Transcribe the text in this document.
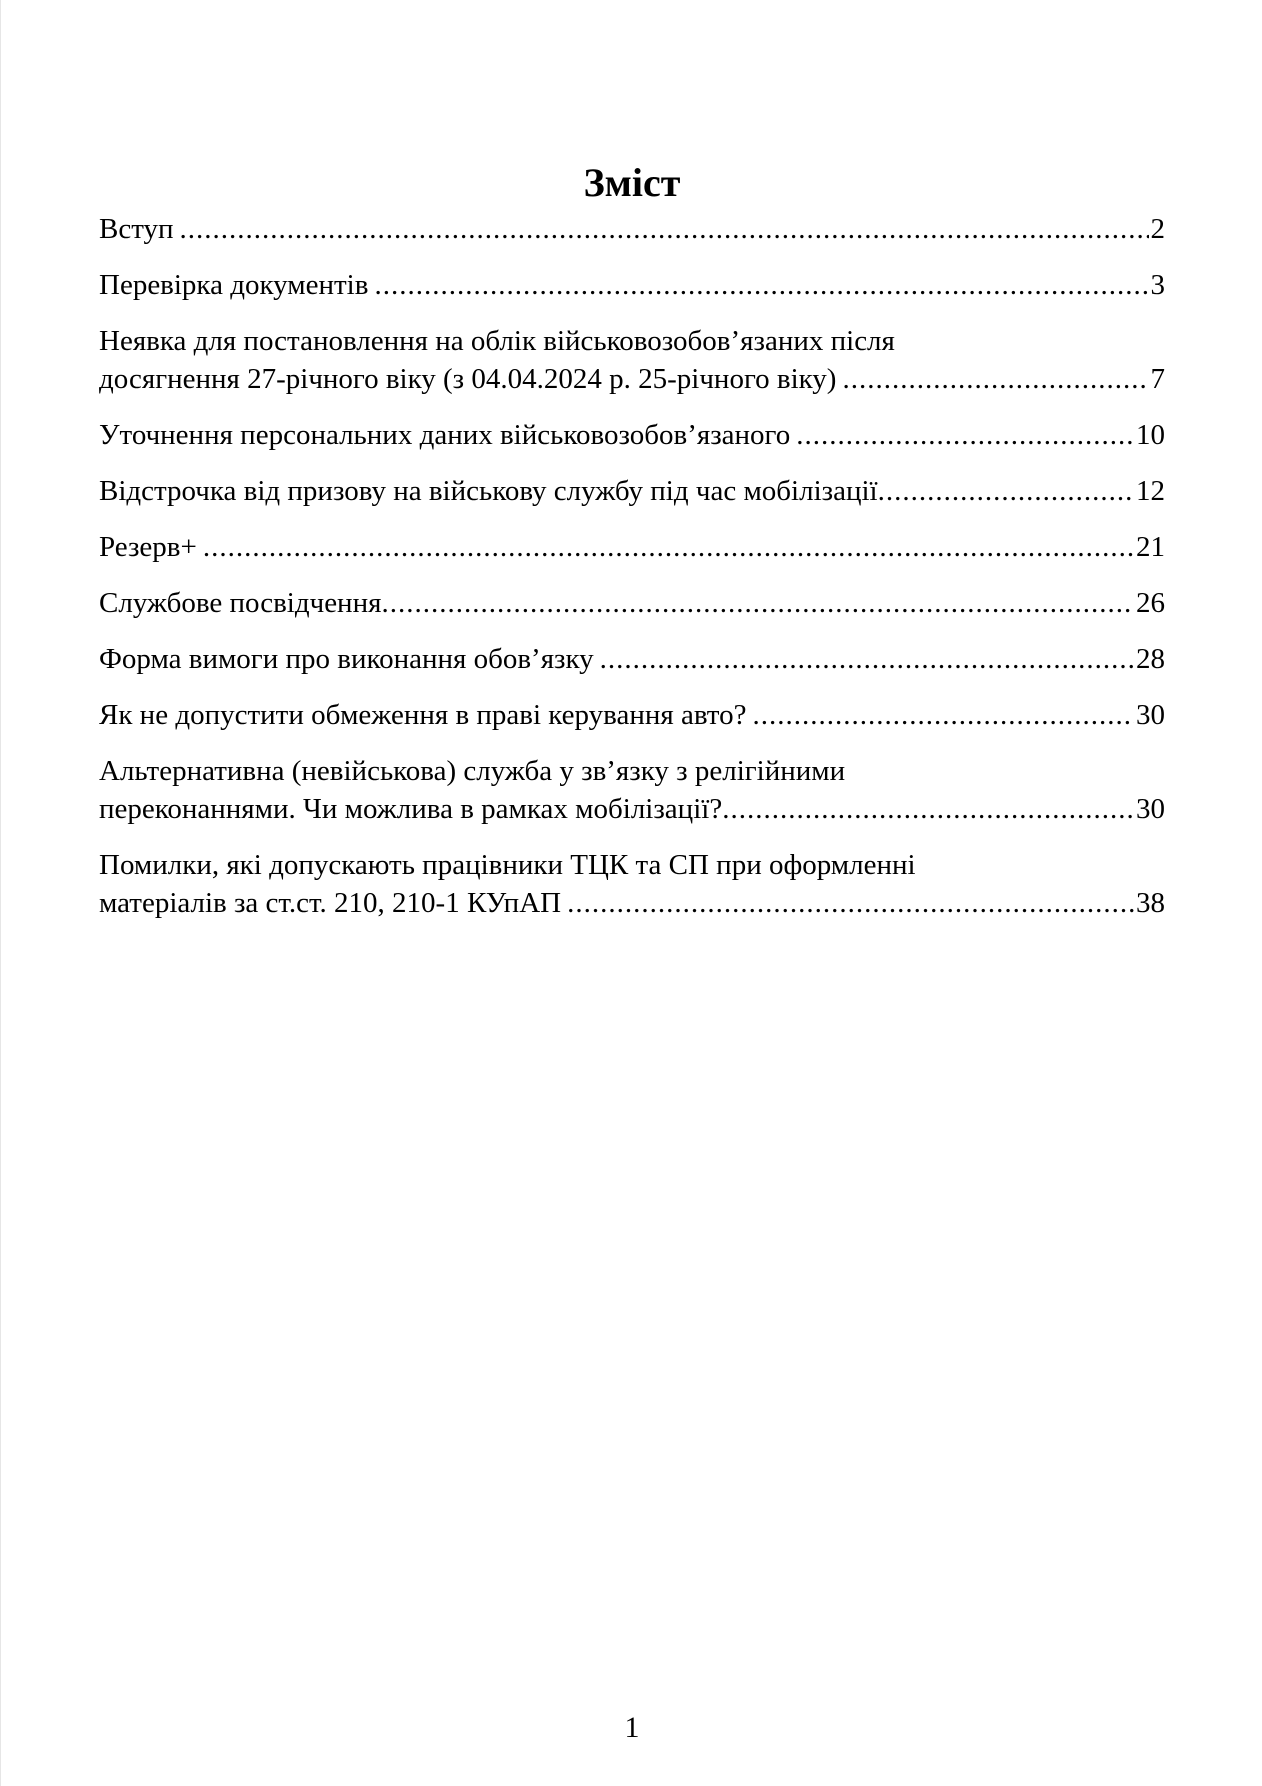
Зміст
Вступ .....	2
Перевірка документів .....	3
Неявка для постановлення на облік військовозобов’язаних після
досягнення 27-річного віку (з 04.04.2024 р. 25-річного віку) .....	7
Уточнення персональних даних військовозобов’язаного .....	10
Відстрочка від призову на військову службу під час мобілізації .....	12
Резерв+ .....	21
Службове посвідчення .....	26
Форма вимоги про виконання обов’язку .....	28
Як не допустити обмеження в праві керування авто? .....	30
Альтернативна (невійськова) служба у зв’язку з релігійними
переконаннями. Чи можлива в рамках мобілізації? .....	30
Помилки, які допускають працівники ТЦК та СП при оформленні
матеріалів за ст.ст. 210, 210-1 КУпАП .....	38
1
